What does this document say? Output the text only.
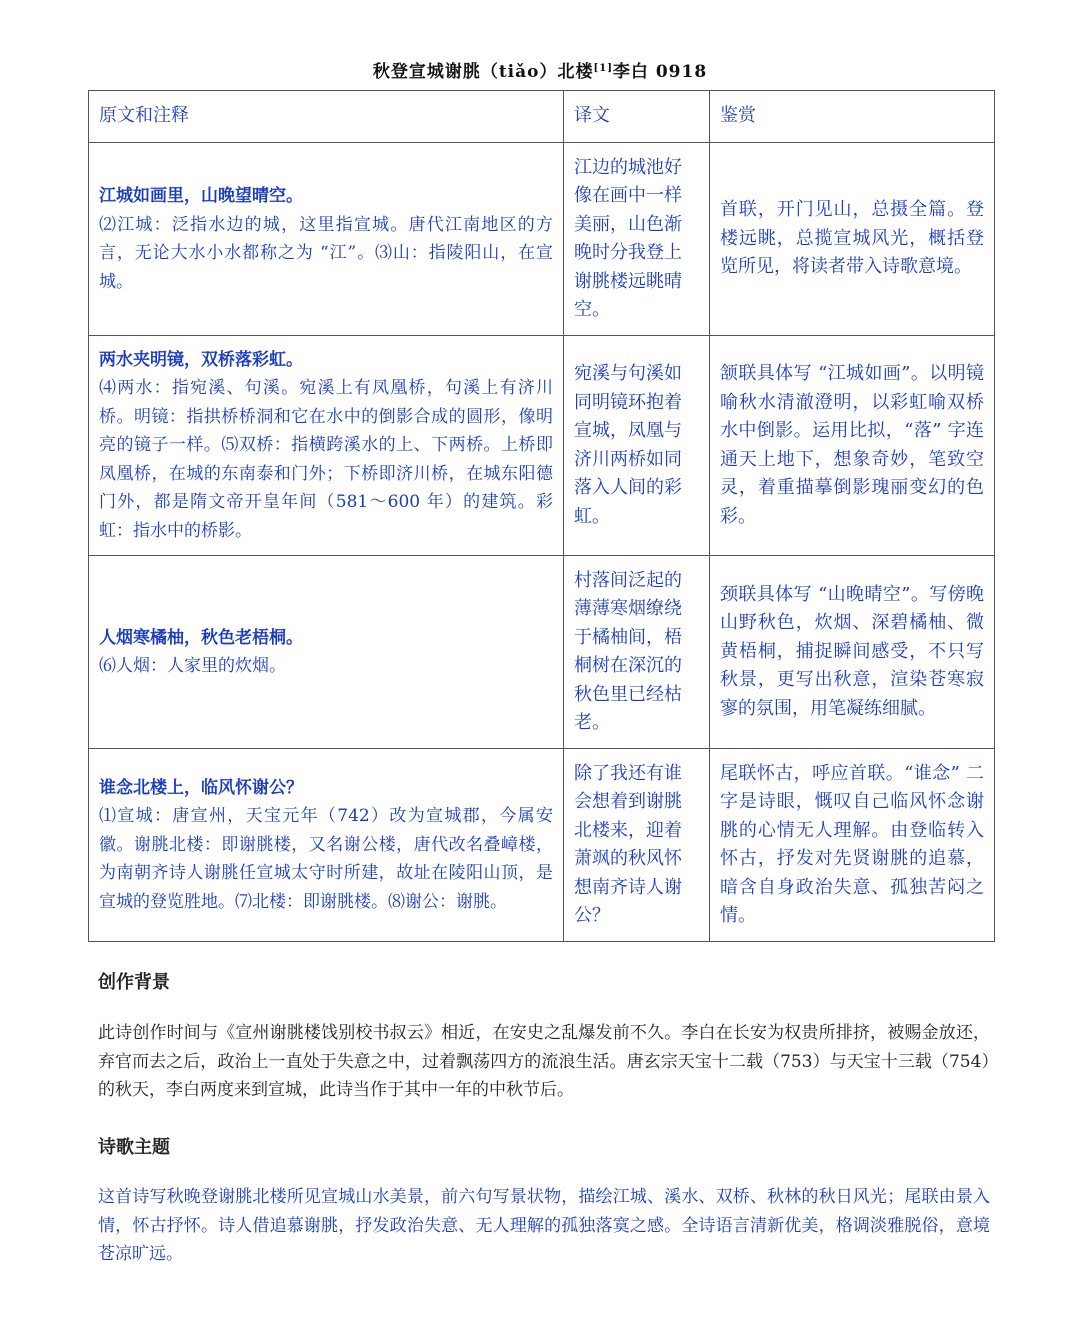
秋登宣城谢朓（tiǎo）北楼[1]李白 0918
原文和注释	译文	鉴赏

江城如画里，山晚望晴空。
⑵江城：泛指水边的城，这里指宣城。唐代江南地区的方言，无论大水小水都称之为 “江”。⑶山：指陵阳山，在宣城。	江边的城池好像在画中一样美丽，山色渐晚时分我登上谢朓楼远眺晴空。	首联，开门见山，总摄全篇。登楼远眺，总揽宣城风光，概括登览所见，将读者带入诗歌意境。

两水夹明镜，双桥落彩虹。
⑷两水：指宛溪、句溪。宛溪上有凤凰桥，句溪上有济川桥。明镜：指拱桥桥洞和它在水中的倒影合成的圆形，像明亮的镜子一样。⑸双桥：指横跨溪水的上、下两桥。上桥即凤凰桥，在城的东南泰和门外；下桥即济川桥，在城东阳德门外，都是隋文帝开皇年间（581～600 年）的建筑。彩虹：指水中的桥影。	宛溪与句溪如同明镜环抱着宣城，凤凰与济川两桥如同落入人间的彩虹。	颔联具体写 “江城如画”。以明镜喻秋水清澈澄明，以彩虹喻双桥水中倒影。运用比拟，“落” 字连通天上地下，想象奇妙，笔致空灵，着重描摹倒影瑰丽变幻的色彩。

人烟寒橘柚，秋色老梧桐。
⑹人烟：人家里的炊烟。	村落间泛起的薄薄寒烟缭绕于橘柚间，梧桐树在深沉的秋色里已经枯老。	颈联具体写 “山晚晴空”。写傍晚山野秋色，炊烟、深碧橘柚、微黄梧桐，捕捉瞬间感受，不只写秋景，更写出秋意，渲染苍寒寂寥的氛围，用笔凝练细腻。

谁念北楼上，临风怀谢公？
⑴宣城：唐宣州，天宝元年（742）改为宣城郡，今属安徽。谢朓北楼：即谢朓楼，又名谢公楼，唐代改名叠嶂楼，为南朝齐诗人谢朓任宣城太守时所建，故址在陵阳山顶，是宣城的登览胜地。⑺北楼：即谢朓楼。⑻谢公：谢朓。	除了我还有谁会想着到谢朓北楼来，迎着萧飒的秋风怀想南齐诗人谢公？	尾联怀古，呼应首联。“谁念” 二字是诗眼，慨叹自己临风怀念谢朓的心情无人理解。由登临转入怀古，抒发对先贤谢朓的追慕，暗含自身政治失意、孤独苦闷之情。
创作背景
此诗创作时间与《宣州谢朓楼饯别校书叔云》相近，在安史之乱爆发前不久。李白在长安为权贵所排挤，被赐金放还，弃官而去之后，政治上一直处于失意之中，过着飘荡四方的流浪生活。唐玄宗天宝十二载（753）与天宝十三载（754）的秋天，李白两度来到宣城，此诗当作于其中一年的中秋节后。
诗歌主题
这首诗写秋晚登谢朓北楼所见宣城山水美景，前六句写景状物，描绘江城、溪水、双桥、秋林的秋日风光；尾联由景入情，怀古抒怀。诗人借追慕谢朓，抒发政治失意、无人理解的孤独落寞之感。全诗语言清新优美，格调淡雅脱俗，意境苍凉旷远。
